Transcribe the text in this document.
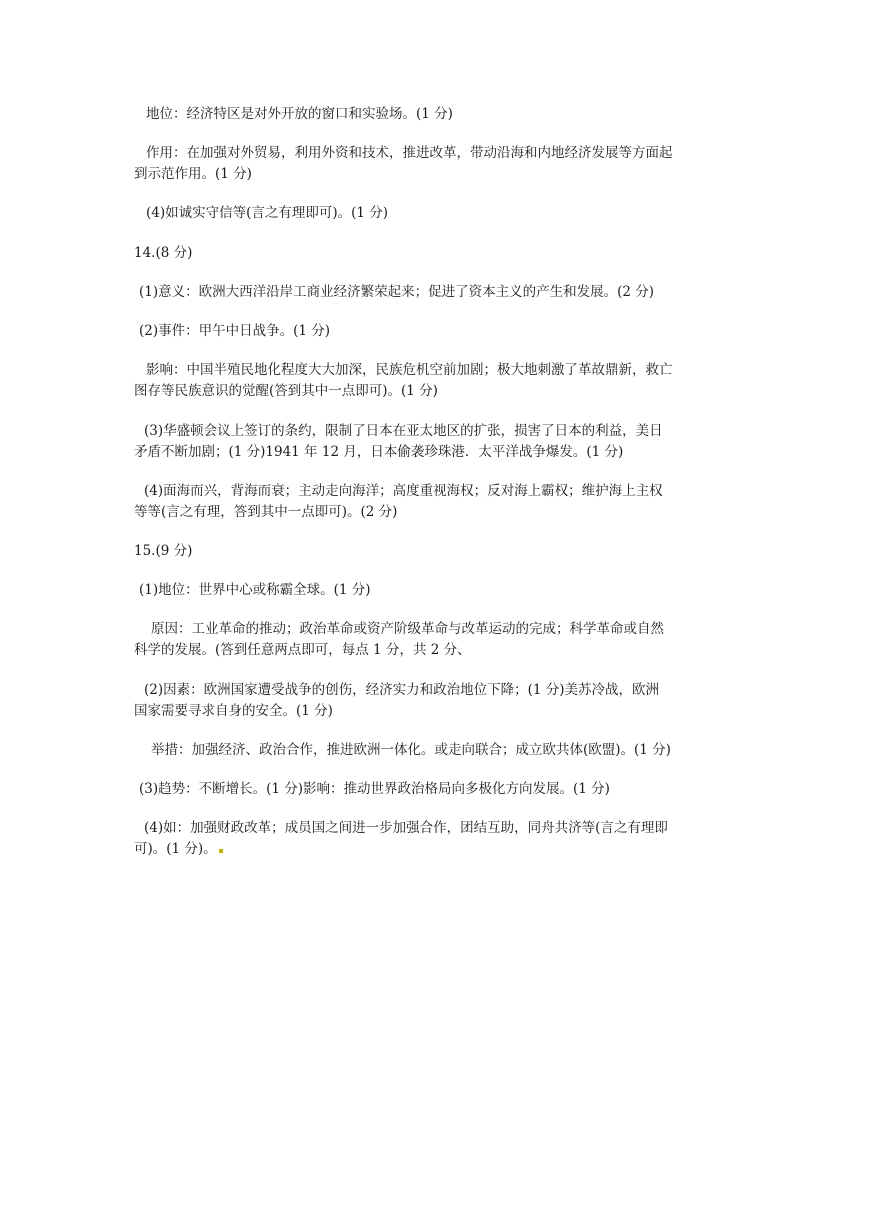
地位：经济特区是对外开放的窗口和实验场。(1 分)

作用：在加强对外贸易，利用外资和技术，推进改革，带动沿海和内地经济发展等方面起
到示范作用。(1 分)

(4)如诚实守信等(言之有理即可)。(1 分)

14.(8 分)

(1)意义：欧洲大西洋沿岸工商业经济繁荣起来；促进了资本主义的产生和发展。(2 分)

(2)事件：甲午中日战争。(1 分)

影响：中国半殖民地化程度大大加深，民族危机空前加剧；极大地刺激了革故鼎新，救亡
图存等民族意识的觉醒(答到其中一点即可)。(1 分)

(3)华盛顿会议上签订的条约，限制了日本在亚太地区的扩张，损害了日本的利益，美日
矛盾不断加剧；(1 分)1941 年 12 月，日本偷袭珍珠港．太平洋战争爆发。(1 分)

(4)面海而兴，背海而衰；主动走向海洋；高度重视海权；反对海上霸权；维护海上主权
等等(言之有理，答到其中一点即可)。(2 分)

15.(9 分)

(1)地位：世界中心或称霸全球。(1 分)

原因：工业革命的推动；政治革命或资产阶级革命与改革运动的完成；科学革命或自然
科学的发展。(答到任意两点即可，每点 1 分，共 2 分、

(2)因素：欧洲国家遭受战争的创伤，经济实力和政治地位下降；(1 分)美苏冷战，欧洲
国家需要寻求自身的安全。(1 分)

举措：加强经济、政治合作，推进欧洲一体化。或走向联合；成立欧共体(欧盟)。(1 分)

(3)趋势：不断增长。(1 分)影响：推动世界政治格局向多极化方向发展。(1 分)

(4)如：加强财政改革；成员国之间进一步加强合作，团结互助，同舟共济等(言之有理即
可)。(1 分)。
